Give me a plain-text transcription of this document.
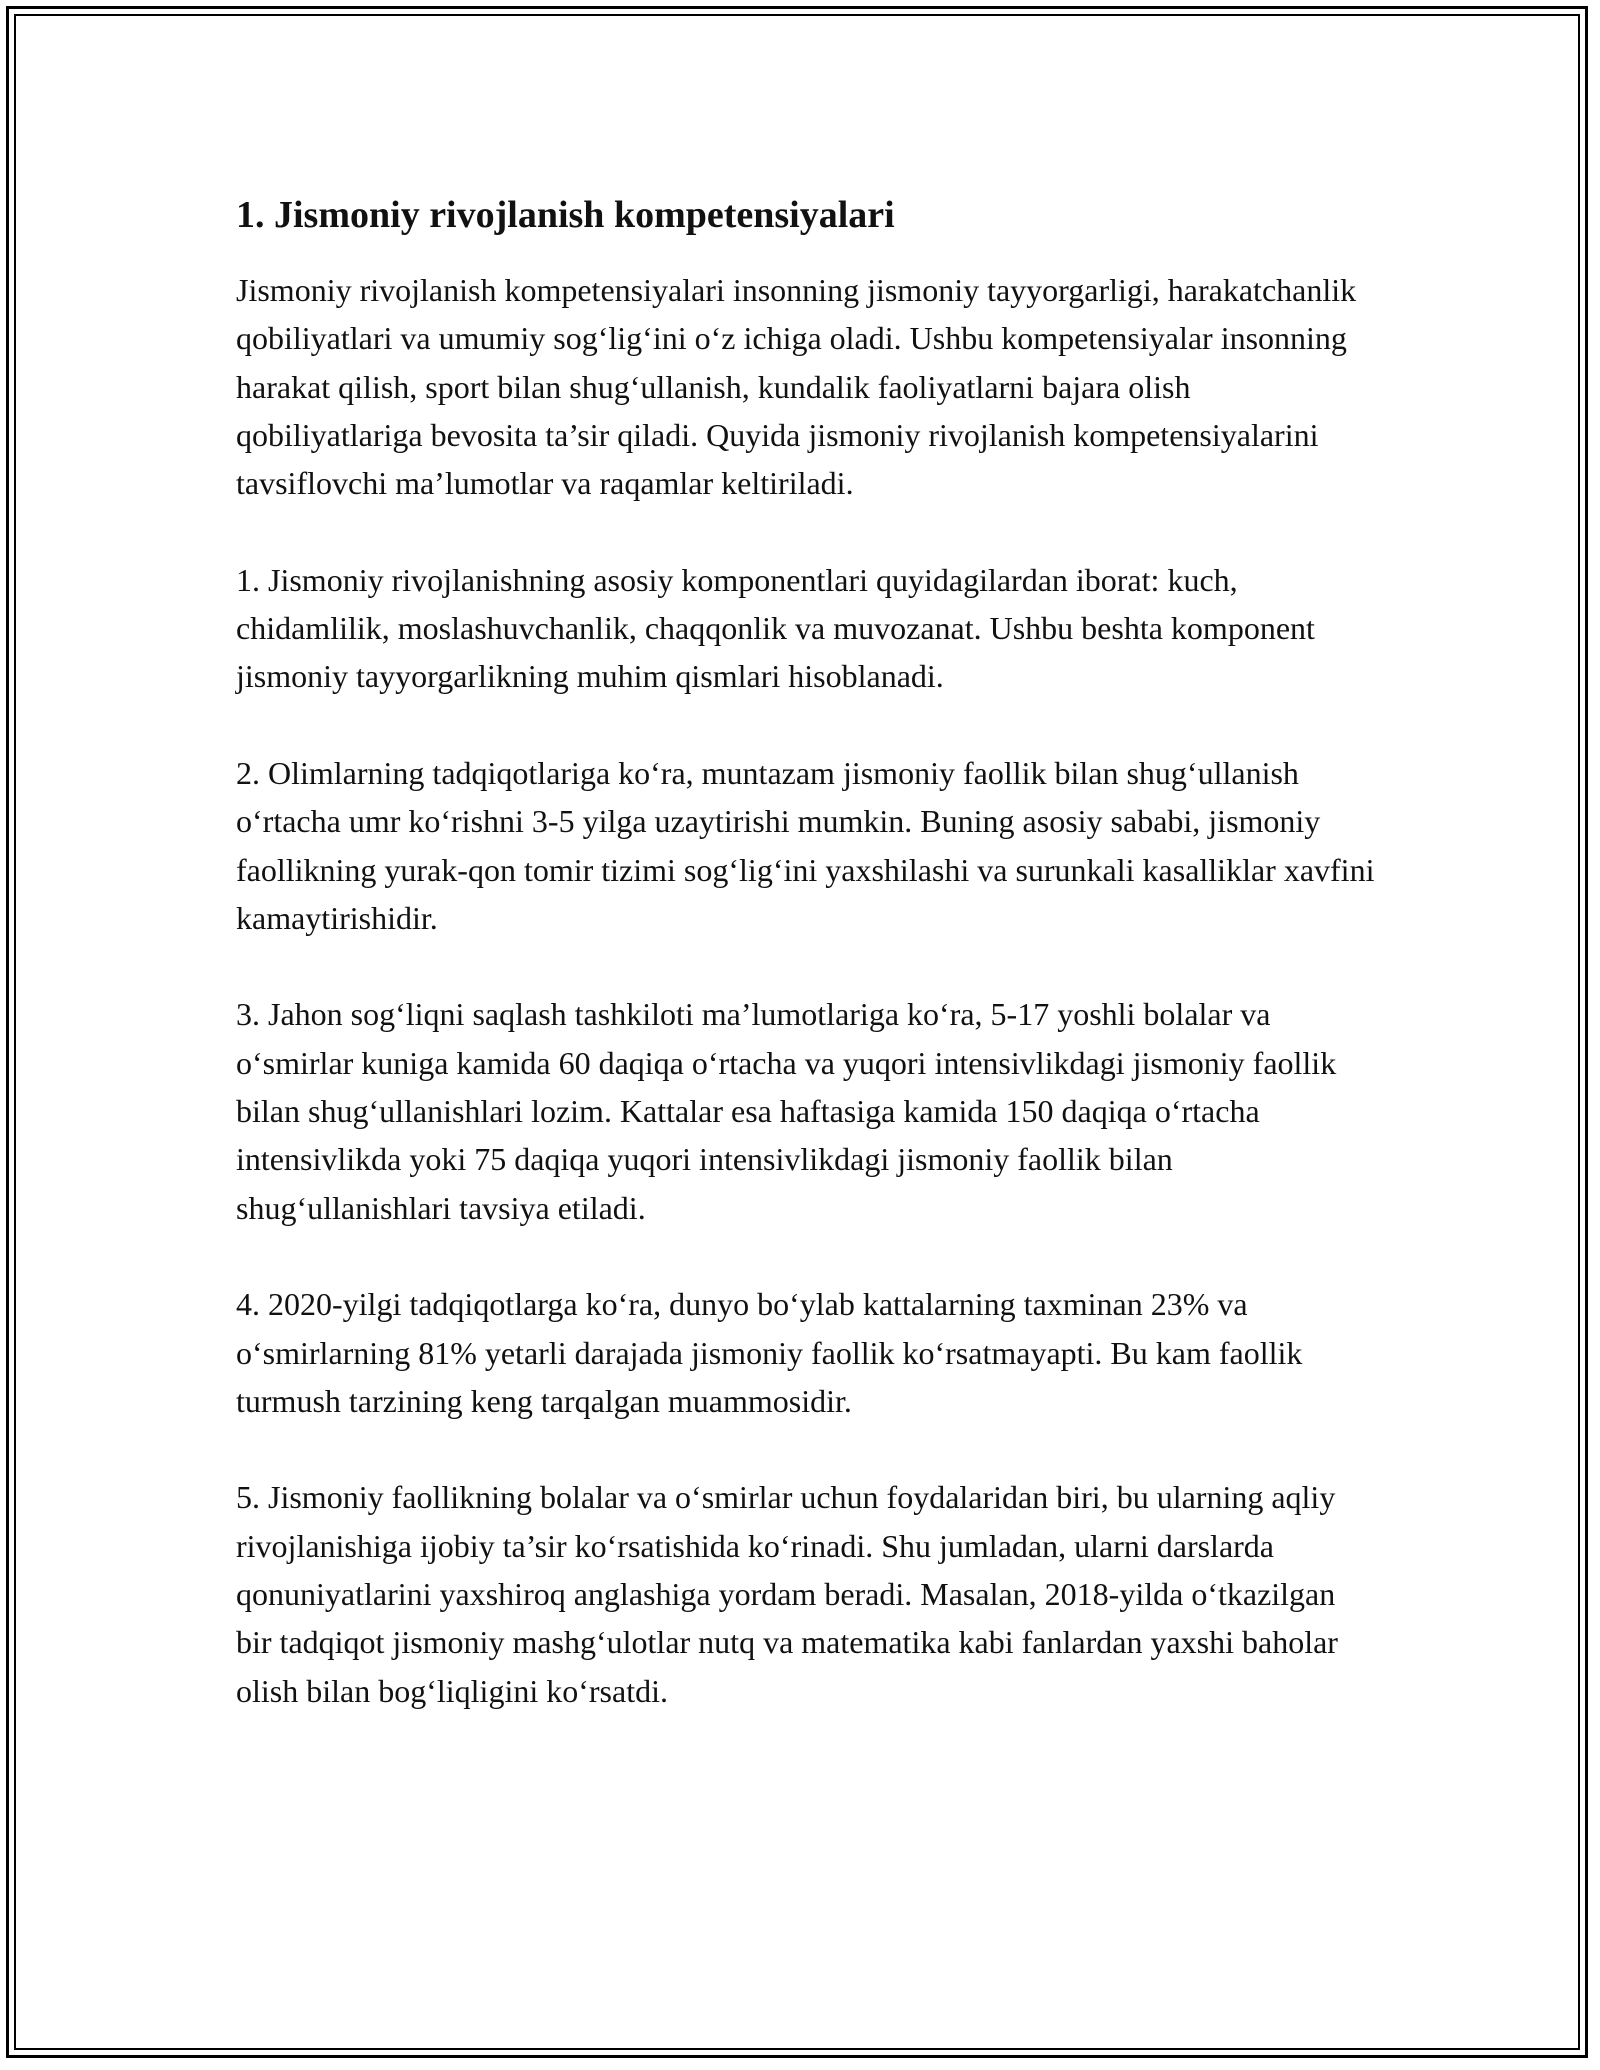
1. Jismoniy rivojlanish kompetensiyalari

Jismoniy rivojlanish kompetensiyalari insonning jismoniy tayyorgarligi, harakatchanlik qobiliyatlari va umumiy sog‘lig‘ini o‘z ichiga oladi. Ushbu kompetensiyalar insonning harakat qilish, sport bilan shug‘ullanish, kundalik faoliyatlarni bajara olish qobiliyatlariga bevosita ta’sir qiladi. Quyida jismoniy rivojlanish kompetensiyalarini tavsiflovchi ma’lumotlar va raqamlar keltiriladi.

1. Jismoniy rivojlanishning asosiy komponentlari quyidagilardan iborat: kuch, chidamlilik, moslashuvchanlik, chaqqonlik va muvozanat. Ushbu beshta komponent jismoniy tayyorgarlikning muhim qismlari hisoblanadi.

2. Olimlarning tadqiqotlariga ko‘ra, muntazam jismoniy faollik bilan shug‘ullanish o‘rtacha umr ko‘rishni 3-5 yilga uzaytirishi mumkin. Buning asosiy sababi, jismoniy faollikning yurak-qon tomir tizimi sog‘lig‘ini yaxshilashi va surunkali kasalliklar xavfini kamaytirishidir.

3. Jahon sog‘liqni saqlash tashkiloti ma’lumotlariga ko‘ra, 5-17 yoshli bolalar va o‘smirlar kuniga kamida 60 daqiqa o‘rtacha va yuqori intensivlikdagi jismoniy faollik bilan shug‘ullanishlari lozim. Kattalar esa haftasiga kamida 150 daqiqa o‘rtacha intensivlikda yoki 75 daqiqa yuqori intensivlikdagi jismoniy faollik bilan shug‘ullanishlari tavsiya etiladi.

4. 2020-yilgi tadqiqotlarga ko‘ra, dunyo bo‘ylab kattalarning taxminan 23% va o‘smirlarning 81% yetarli darajada jismoniy faollik ko‘rsatmayapti. Bu kam faollik turmush tarzining keng tarqalgan muammosidir.

5. Jismoniy faollikning bolalar va o‘smirlar uchun foydalaridan biri, bu ularning aqliy rivojlanishiga ijobiy ta’sir ko‘rsatishida ko‘rinadi. Shu jumladan, ularni darslarda qonuniyatlarini yaxshiroq anglashiga yordam beradi. Masalan, 2018-yilda o‘tkazilgan bir tadqiqot jismoniy mashg‘ulotlar nutq va matematika kabi fanlardan yaxshi baholar olish bilan bog‘liqligini ko‘rsatdi.
